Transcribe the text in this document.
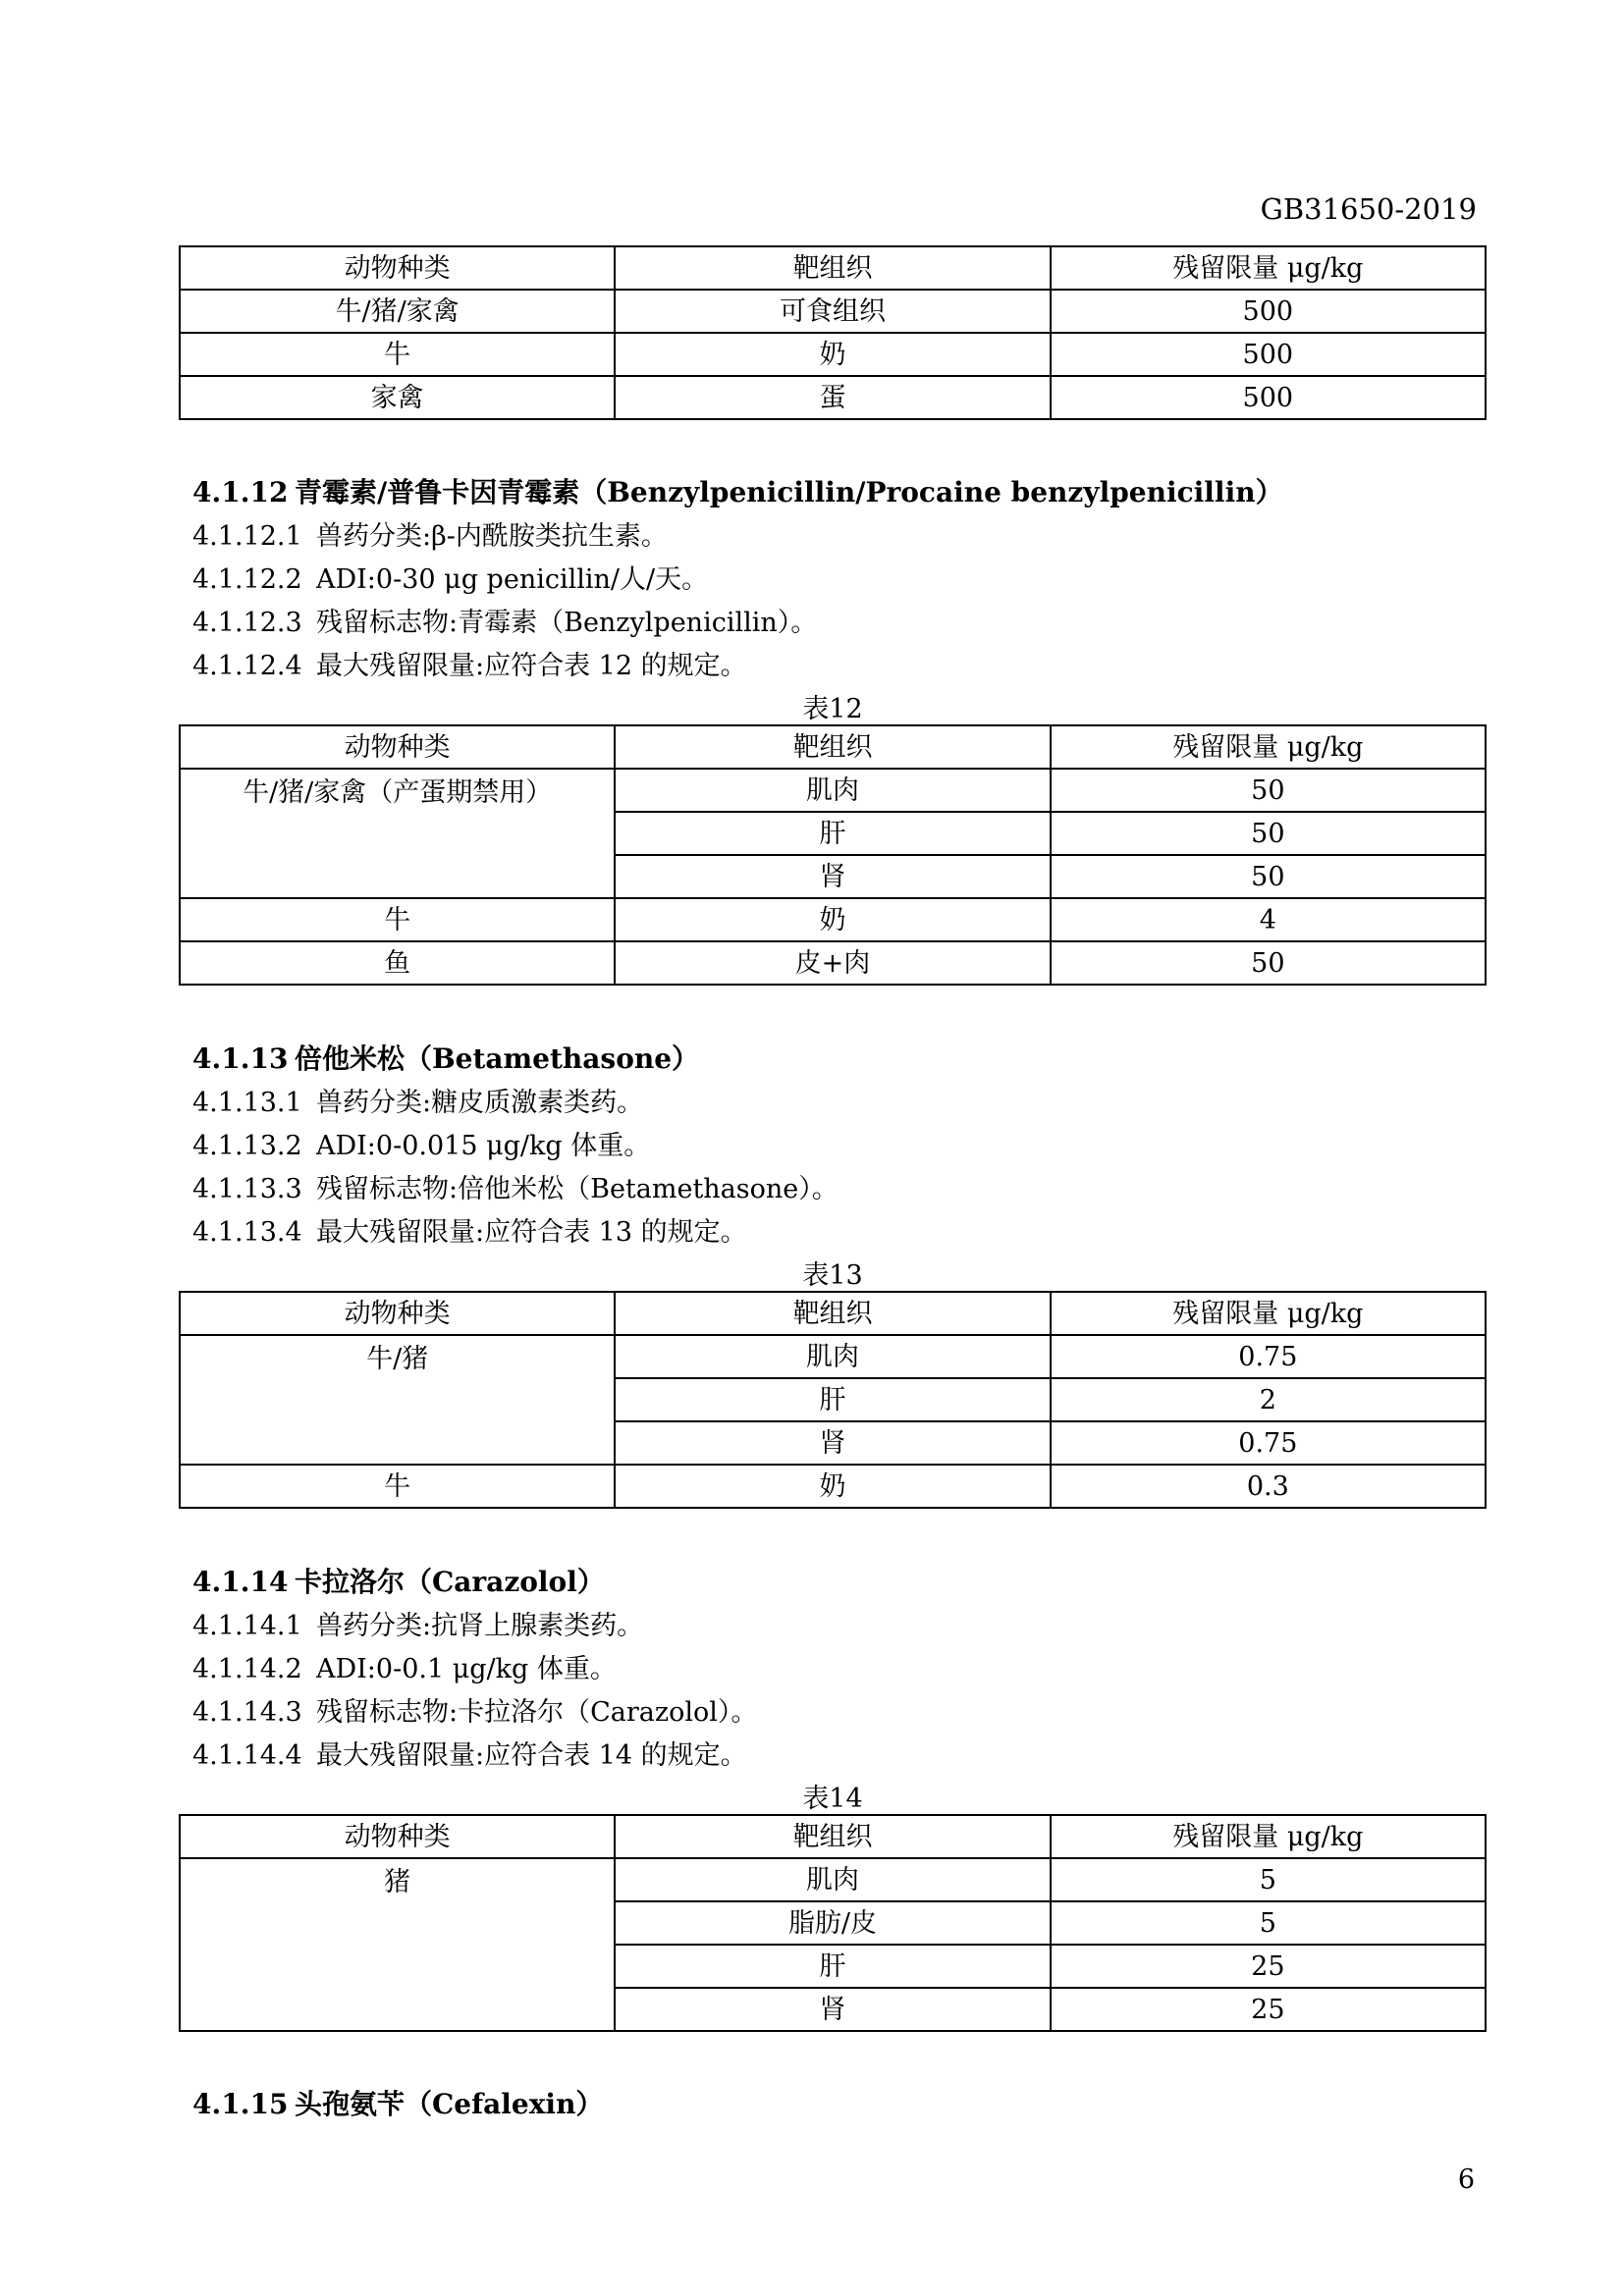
GB31650-2019
动物种类	靶组织	残留限量 μg/kg
牛/猪/家禽	可食组织	500
牛	奶	500
家禽	蛋	500
4.1.12 青霉素/普鲁卡因青霉素（Benzylpenicillin/Procaine benzylpenicillin）
4.1.12.1 兽药分类:β-内酰胺类抗生素。
4.1.12.2 ADI:0-30 μg penicillin/人/天。
4.1.12.3 残留标志物:青霉素（Benzylpenicillin）。
4.1.12.4 最大残留限量:应符合表 12 的规定。
表12
动物种类	靶组织	残留限量 μg/kg
牛/猪/家禽（产蛋期禁用）	肌肉	50
	肝	50
	肾	50
牛	奶	4
鱼	皮+肉	50
4.1.13 倍他米松（Betamethasone）
4.1.13.1 兽药分类:糖皮质激素类药。
4.1.13.2 ADI:0-0.015 μg/kg 体重。
4.1.13.3 残留标志物:倍他米松（Betamethasone）。
4.1.13.4 最大残留限量:应符合表 13 的规定。
表13
动物种类	靶组织	残留限量 μg/kg
牛/猪	肌肉	0.75
	肝	2
	肾	0.75
牛	奶	0.3
4.1.14 卡拉洛尔（Carazolol）
4.1.14.1 兽药分类:抗肾上腺素类药。
4.1.14.2 ADI:0-0.1 μg/kg 体重。
4.1.14.3 残留标志物:卡拉洛尔（Carazolol）。
4.1.14.4 最大残留限量:应符合表 14 的规定。
表14
动物种类	靶组织	残留限量 μg/kg
猪	肌肉	5
	脂肪/皮	5
	肝	25
	肾	25
4.1.15 头孢氨苄（Cefalexin）
6
